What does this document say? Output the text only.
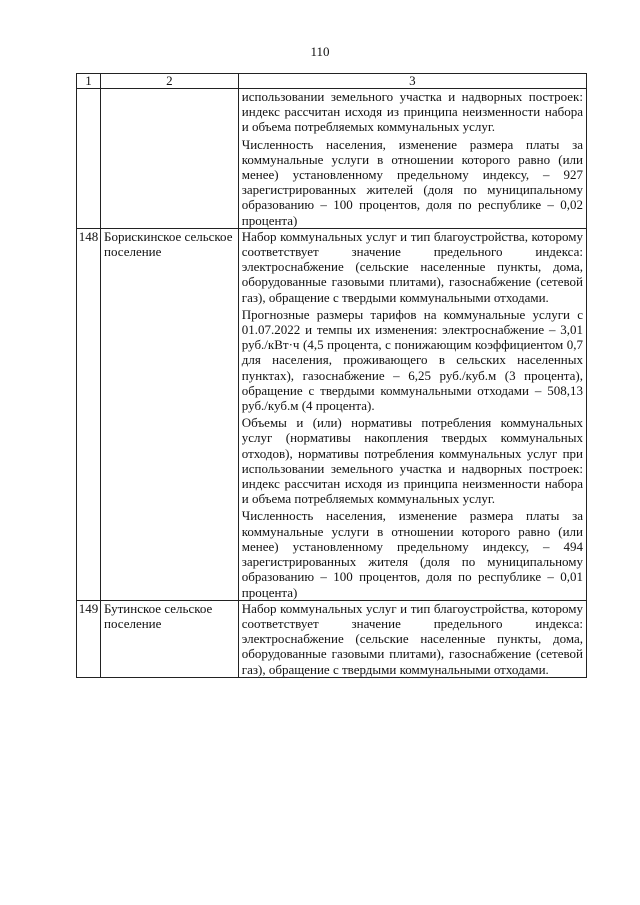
110
1	2	3

		использовании земельного участка и надворных построек: индекс рассчитан исходя из принципа неизменности набора и объема потребляемых коммунальных услуг.

Численность населения, изменение размера платы за коммунальные услуги в отношении которого равно (или менее) установленному предельному индексу, – 927 зарегистрированных жителей (доля по муниципальному образованию – 100 процентов, доля по республике – 0,02 процента)

148	Борискинское сельское поселение	Набор коммунальных услуг и тип благоустройства, которому соответствует значение предельного индекса: электроснабжение (сельские населенные пункты, дома, оборудованные газовыми плитами), газоснабжение (сетевой газ), обращение с твердыми коммунальными отходами.

Прогнозные размеры тарифов на коммунальные услуги с 01.07.2022 и темпы их изменения: электроснабжение – 3,01 руб./кВт·ч (4,5 процента, с понижающим коэффициентом 0,7 для населения, проживающего в сельских населенных пунктах), газоснабжение – 6,25 руб./куб.м (3 процента), обращение с твердыми коммунальными отходами – 508,13 руб./куб.м (4 процента).

Объемы и (или) нормативы потребления коммунальных услуг (нормативы накопления твердых коммунальных отходов), нормативы потребления коммунальных услуг при использовании земельного участка и надворных построек: индекс рассчитан исходя из принципа неизменности набора и объема потребляемых коммунальных услуг.

Численность населения, изменение размера платы за коммунальные услуги в отношении которого равно (или менее) установленному предельному индексу, – 494 зарегистрированных жителя (доля по муниципальному образованию – 100 процентов, доля по республике – 0,01 процента)

149	Бутинское сельское поселение	Набор коммунальных услуг и тип благоустройства, которому соответствует значение предельного индекса: электроснабжение (сельские населенные пункты, дома, оборудованные газовыми плитами), газоснабжение (сетевой газ), обращение с твердыми коммунальными отходами.
